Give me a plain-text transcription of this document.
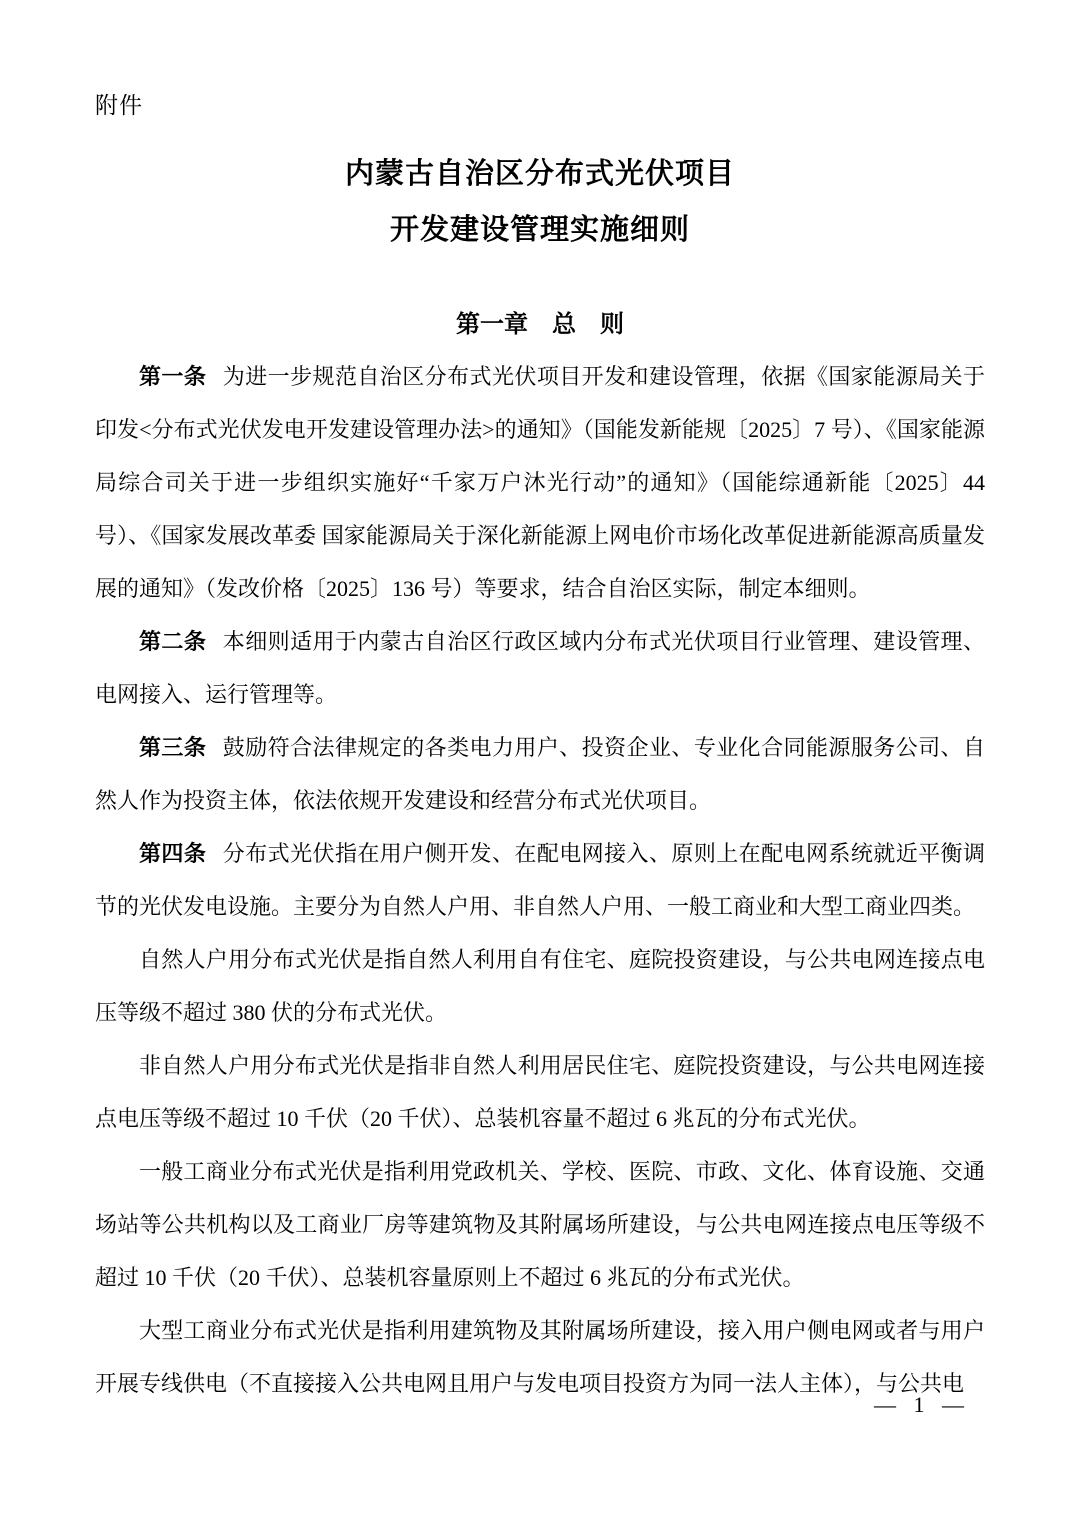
附件
内蒙古自治区分布式光伏项目
开发建设管理实施细则
第一章　总　则

第一条 为进一步规范自治区分布式光伏项目开发和建设管理，依据《国家能源局关于印发<分布式光伏发电开发建设管理办法>的通知》（国能发新能规〔2025〕7 号）、《国家能源局综合司关于进一步组织实施好“千家万户沐光行动”的通知》（国能综通新能〔2025〕44 号）、《国家发展改革委 国家能源局关于深化新能源上网电价市场化改革促进新能源高质量发展的通知》（发改价格〔2025〕136 号）等要求，结合自治区实际，制定本细则。

第二条 本细则适用于内蒙古自治区行政区域内分布式光伏项目行业管理、建设管理、电网接入、运行管理等。

第三条 鼓励符合法律规定的各类电力用户、投资企业、专业化合同能源服务公司、自然人作为投资主体，依法依规开发建设和经营分布式光伏项目。

第四条 分布式光伏指在用户侧开发、在配电网接入、原则上在配电网系统就近平衡调节的光伏发电设施。主要分为自然人户用、非自然人户用、一般工商业和大型工商业四类。

自然人户用分布式光伏是指自然人利用自有住宅、庭院投资建设，与公共电网连接点电压等级不超过 380 伏的分布式光伏。

非自然人户用分布式光伏是指非自然人利用居民住宅、庭院投资建设，与公共电网连接点电压等级不超过 10 千伏（20 千伏）、总装机容量不超过 6 兆瓦的分布式光伏。

一般工商业分布式光伏是指利用党政机关、学校、医院、市政、文化、体育设施、交通场站等公共机构以及工商业厂房等建筑物及其附属场所建设，与公共电网连接点电压等级不超过 10 千伏（20 千伏）、总装机容量原则上不超过 6 兆瓦的分布式光伏。

大型工商业分布式光伏是指利用建筑物及其附属场所建设，接入用户侧电网或者与用户开展专线供电（不直接接入公共电网且用户与发电项目投资方为同一法人主体），与公共电

— 1 —
